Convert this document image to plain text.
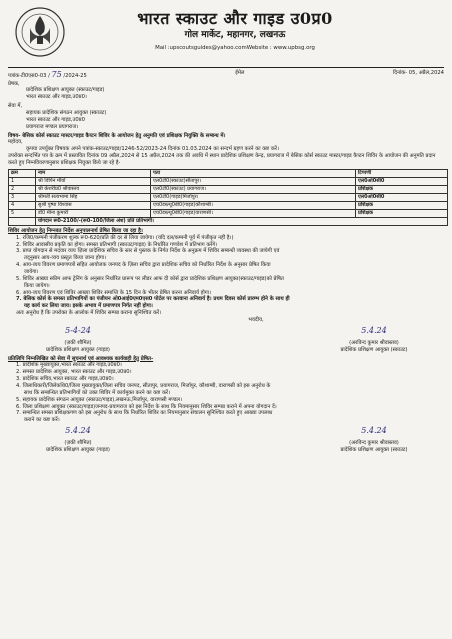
भारत स्काउट और गाइड उ0प्र0
गोल मार्केट, महानगर, लखनऊ
Mail :upscoutsguides@yahoo.comWebsite : www.upbsg.org
पत्रांक-टी0एस0-03 / 75 /2024-25	ईमेल	दिनांक- 05, अप्रैल,2024
प्रेषक,
प्रादेशिक प्रशिक्षण आयुक्त (स्काउट/गाइड)
भारत स्काउट और गाइड,उ0प्र0।
सेवा में,
सहायक प्रादेशिक संगठन आयुक्त (स्काउट)
भारत स्काउट और गाइड,उ0प्र0
प्रयागराज मण्डल प्रयागराज।
विषय- बेसिक कोर्स स्काउट मास्टर/गाइड कैप्टन शिविर के आयोजन हेतु अनुमति एवं प्रशिक्षक नियुक्ति के सम्बन्ध में।
महोदय,
कृपया उपर्युक्त विषयक अपने पत्रांक-स्काउट/गाइड/1246-52/2023-24 दिनांक 01.03.2024 का सन्दर्भ ग्रहण करने का कष्ट करें।
उपरोक्त सन्दर्भित पत्र के क्रम में प्रस्तावित दिनांक 09 अप्रैल,2024 से 15 अप्रैल,2024 तक की अवधि में स्थान प्रादेशिक प्रशिक्षण केन्द्र, प्रयागराज में बेसिक कोर्स स्काउट मास्टर/गाइड कैप्टन शिविर के आयोजन की अनुमति प्रदान करते हुए निम्नविवरणानुसार प्रशिक्षक नियुक्त किये जा रहे है-
क्रम	नाम	पता	टिप्पणी
1	श्री विपिन मौर्या	एल0टी0(स्काउट)सीतापुर।	एल0ओ0सी0
2	श्री केशरीप्र0 श्रीवास्तव	एल0टी0(स्काउट) प्रयागराज।	प्रशिक्षक
3	श्रीमती सत्यभामा सिंह	एल0टी0(गाइड)मिर्जापुर।	एल0ओ0सी0
4	सुश्री पुष्पा विश्वास	एच0डब्ल्यू0बी0(गाइड)कौशाम्बी।	प्रशिक्षक
5	डॉ0 मीना कुमारी	एच0डब्ल्यू0बी0(गाइड)वाराणसी।	प्रशिक्षक
	योगदान रू0-2100/-(रू0-100/जिला अंश) प्रति प्रतिभागी।		
शिविर आयोजन हेतु निम्नवत निर्देश अनुपालनार्थ प्रेषित किया जा रहा है।
1. रजि0/कम्पनी पंजीकरण शुल्क रू0-620/प्रति की दर से लिया जायेगा। (यदि दल/कम्पनी पूर्व में पंजीकृत नहीं है।)
2. शिविर आवासीय प्रकृति का होगा। समस्त प्रतिभागी (स्काउट/गाइड) के निर्धारित गणवेश में प्रतिभाग करेंगे।
3. प्राप्त योगदान से मदवार व्यय ज़िला प्रादेशिक सचिव के स्तर से पुस्तक के निर्गत निर्देश के अनुक्रम में शिविर सम्बन्धी व्यवस्था की जायेगी एवं
तद्नुसार आय-व्यय प्रस्तुत किया जाना होगा।
4. आय-व्यय विवरण प्रमाणपत्रों सहित आयोजक जनपद के ज़िला सचिव द्वारा प्रादेशिक सचिव को निर्धारित निर्देश के अनुसार प्रेषित किया
जायेगा।
5. शिविर आख्या स्कीम आफ ट्रेनिंग के अनुसार निर्धारित प्रारूप पर लीडर आफ दी कोर्स द्वारा प्रादेशिक प्रशिक्षण आयुक्त(स्काउट/गाइड)को प्रेषित
किया जायेगा।
6. आय-व्यय विवरण एवं शिविर आख्या शिविर समाप्ति के 15 दिन के भीतर प्रेषित करना अनिवार्य होगा।
7. बेसिक कोर्स के समस्त प्रतिभागियों का पंजीयन ओ0आई0एम0एस0 पोर्टल पर करवाना अनिवार्य है। प्रथम दिवस कोर्स प्रारम्भ होने के साथ ही
यह कार्य कर लिया जाय। इसके अभाव में प्रमाणपत्र निर्गत नहीं होगा।
अतः अनुरोध है कि उपरोक्त के आलोक में शिविर सम्पन्न कराना सुनिश्चित करें।
भवदीय,
5-4-24
(ज़की शौमित)
प्रादेशिक प्रशिक्षण आयुक्त (गाइड)
5.4.24
(अरविन्द कुमार श्रीवास्तव)
प्रादेशिक प्रशिक्षण आयुक्त (स्काउट)
प्रतिलिपि निम्नलिखित को सेवा में सूचनार्थ एवं आवश्यक कार्यवाही हेतु प्रेषित-
1. प्रादेशिक मुख्यायुक्त,भारत स्काउट और गाइड,उ0प्र0।
2. समस्त प्रादेशिक आयुक्त, भारत स्काउट और गाइड,उ0प्र0।
3. प्रादेशिक सचिव,भारत स्काउट और गाइड,उ0प्र0।
4. जिलाधिकारी/जिलेकधि0/जिला मुख्यायुक्त/जिला सचिव जनपद, सीतापुर, प्रयागराज, मिर्जापुर, कौशाम्बी, वाराणसी को इस अनुरोध के
साथ कि सम्बन्धित प्रतिभागियों को उक्त शिविर में कार्यमुक्त करने का कष्ट करें।
5. सहायक प्रादेशिक संगठन आयुक्त (स्काउट/गाइड),लखनऊ,मिर्जापुर, वाराणसी मण्डल।
6. जिला प्रशिक्षण आयुक्त (स्काउट/गाइड)जनपद-प्रयागराज को इस निर्देश के साथ कि नियमानुसार शिविर सम्पन्न कराने में अपना योगदान दें।
7. सम्बन्धित समस्त प्रशिक्षकगण को इस अनुरोध के साथ कि निर्धारित शिविर का नियमानुसार संचालन सुनिश्चित करते हुए आख्या उपलब्ध
कराने का कष्ट करें।
5.4.24
(ज़की शौमित)
प्रादेशिक प्रशिक्षण आयुक्त (गाइड)
5.4.24
(अरविन्द कुमार श्रीवास्तव)
प्रादेशिक प्रशिक्षण आयुक्त (स्काउट)
